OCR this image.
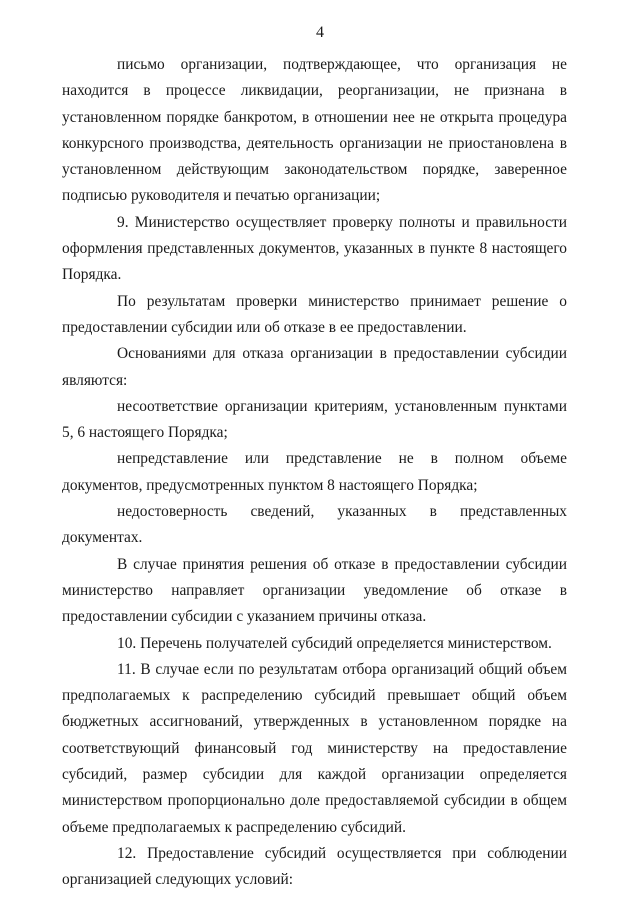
4

письмо организации, подтверждающее, что организация не находится в процессе ликвидации, реорганизации, не признана в установленном порядке банкротом, в отношении нее не открыта процедура конкурсного производства, деятельность организации не приостановлена в установленном действующим законодательством порядке, заверенное подписью руководителя и печатью организации;

9. Министерство осуществляет проверку полноты и правильности оформления представленных документов, указанных в пункте 8 настоящего Порядка.

По результатам проверки министерство принимает решение о предоставлении субсидии или об отказе в ее предоставлении.

Основаниями для отказа организации в предоставлении субсидии являются:

несоответствие организации критериям, установленным пунктами 5, 6 настоящего Порядка;

непредставление или представление не в полном объеме документов, предусмотренных пунктом 8 настоящего Порядка;

недостоверность сведений, указанных в представленных документах.

В случае принятия решения об отказе в предоставлении субсидии министерство направляет организации уведомление об отказе в предоставлении субсидии с указанием причины отказа.

10. Перечень получателей субсидий определяется министерством.

11. В случае если по результатам отбора организаций общий объем предполагаемых к распределению субсидий превышает общий объем бюджетных ассигнований, утвержденных в установленном порядке на соответствующий финансовый год министерству на предоставление субсидий, размер субсидии для каждой организации определяется министерством пропорционально доле предоставляемой субсидии в общем объеме предполагаемых к распределению субсидий.

12. Предоставление субсидий осуществляется при соблюдении организацией следующих условий:
